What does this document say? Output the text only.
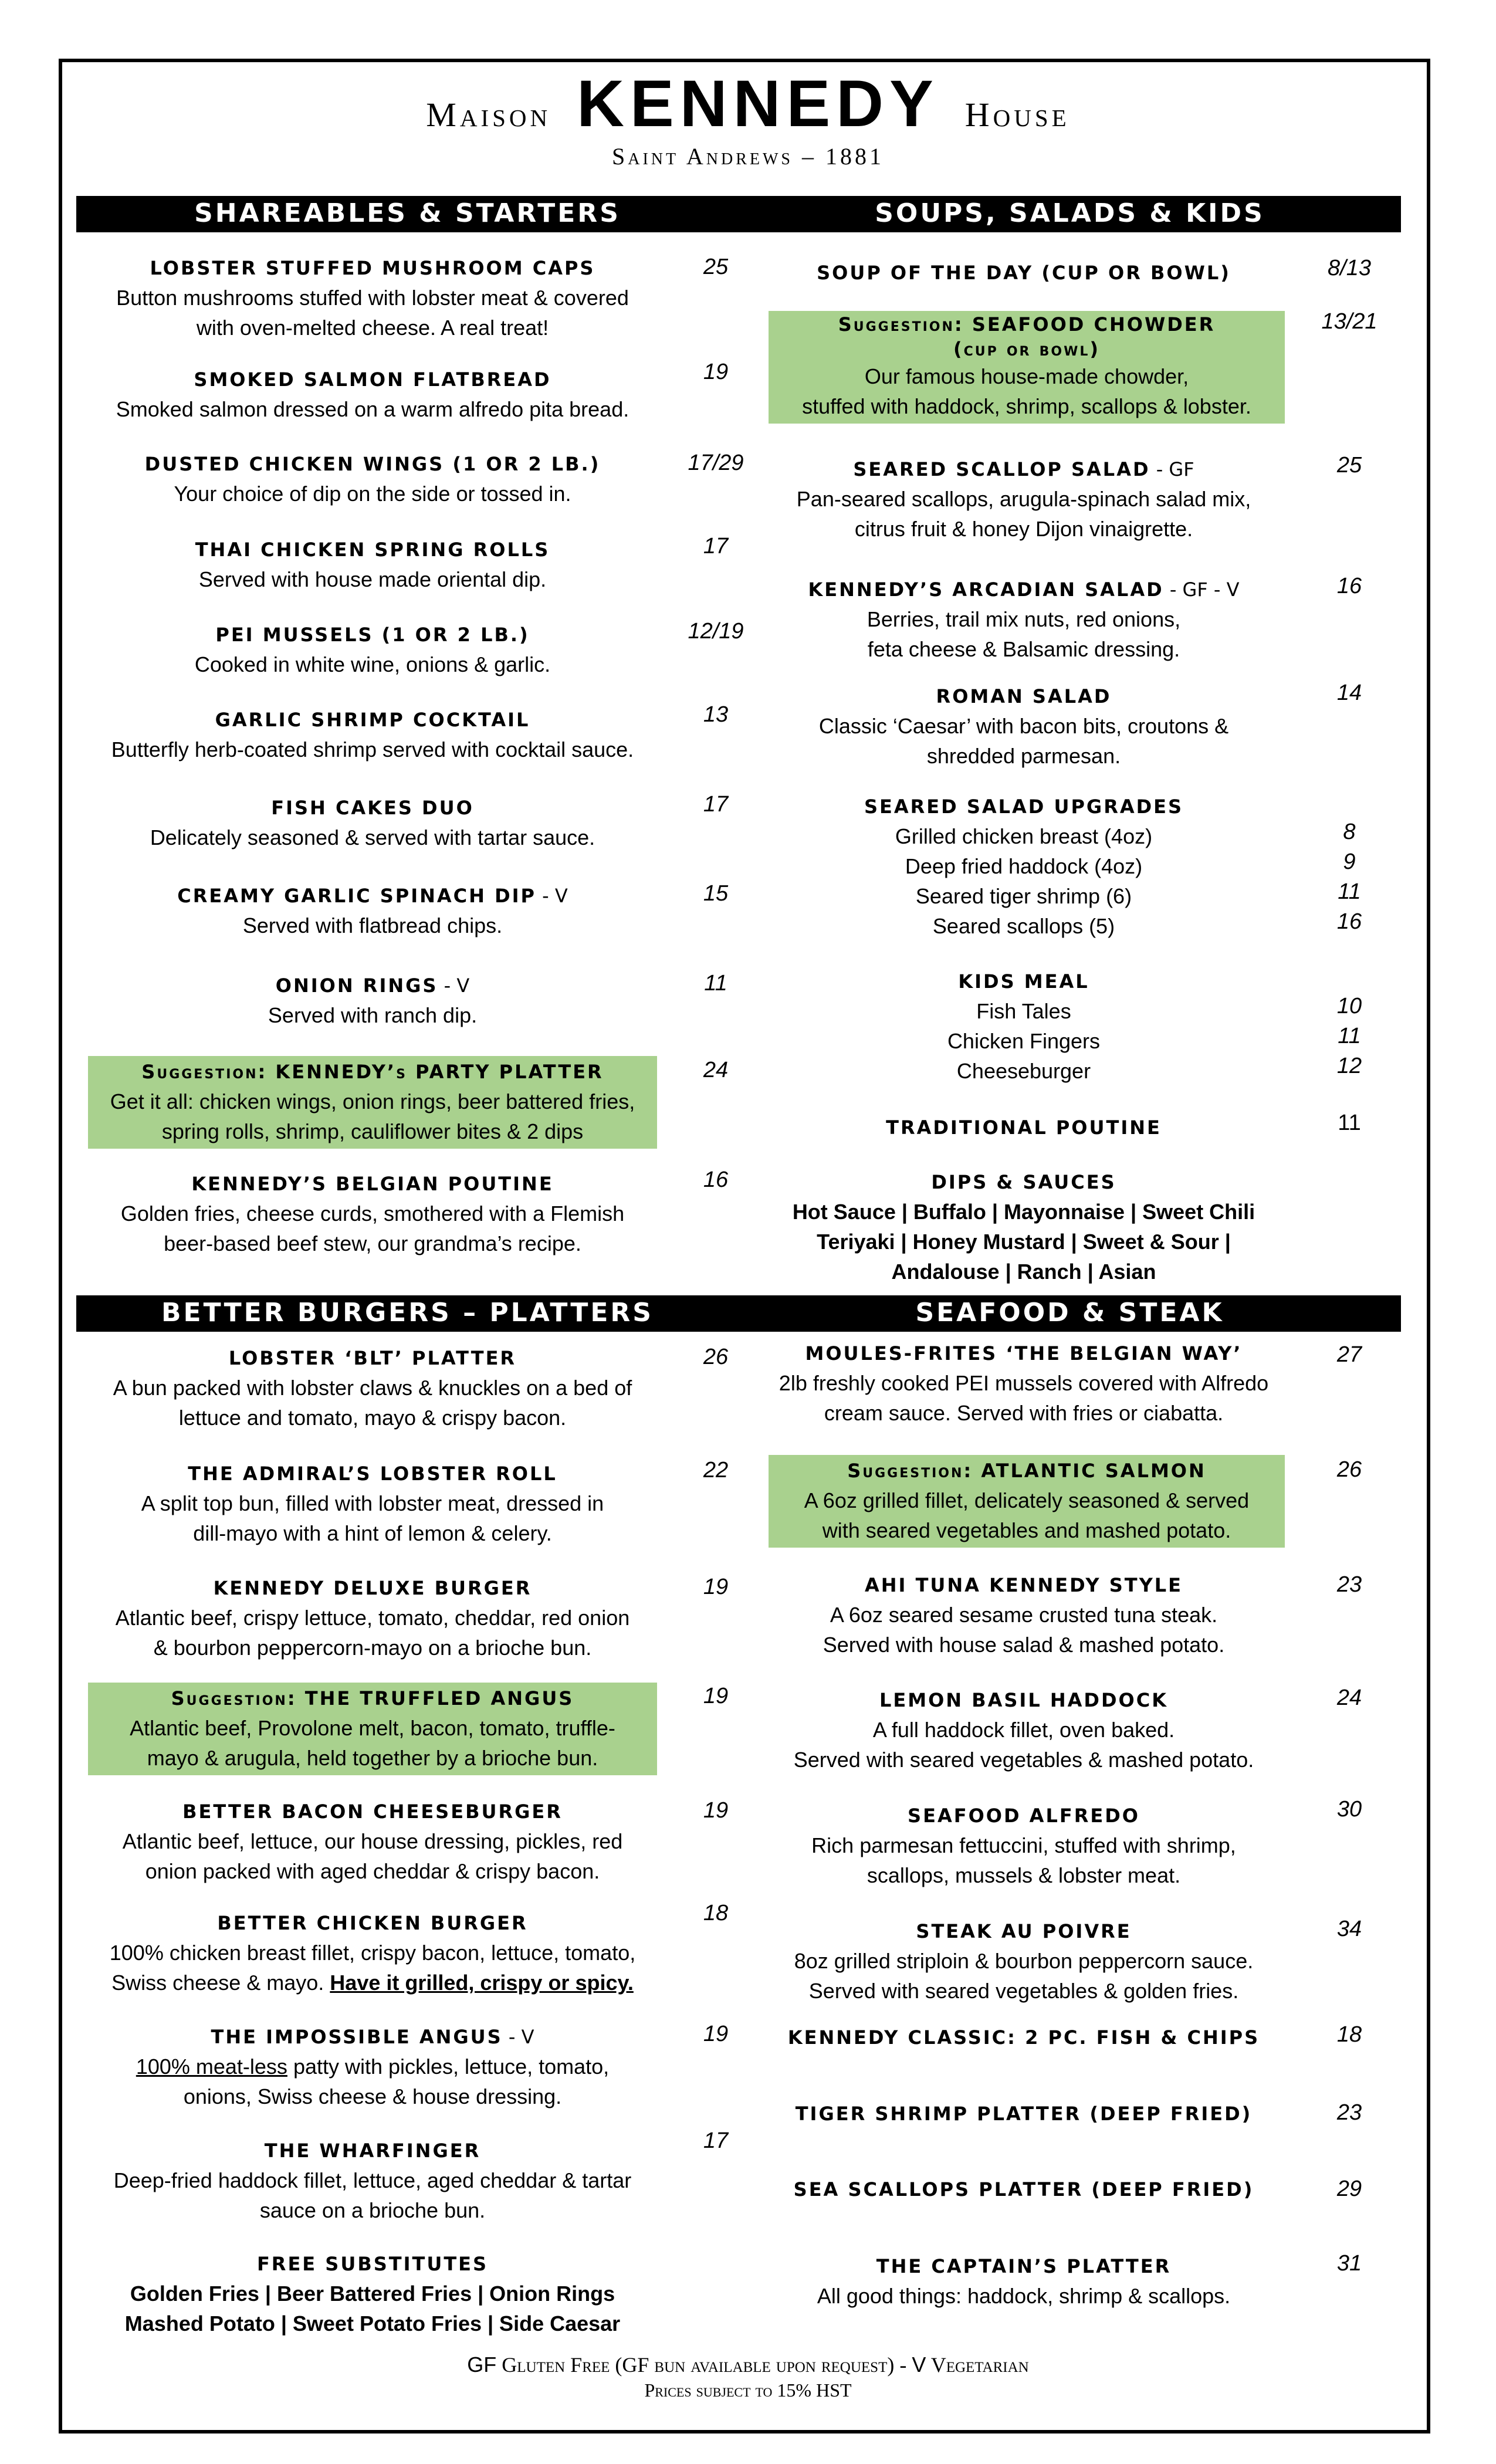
Maison KENNEDY House
Saint Andrews – 1881
SHAREABLES & STARTERS	SOUPS, SALADS & KIDS
BETTER BURGERS – PLATTERS	SEAFOOD & STEAK
LOBSTER STUFFED MUSHROOM CAPS
Button mushrooms stuffed with lobster meat & covered
with oven-melted cheese. A real treat!
SMOKED SALMON FLATBREAD
Smoked salmon dressed on a warm alfredo pita bread.
DUSTED CHICKEN WINGS (1 OR 2 LB.)
Your choice of dip on the side or tossed in.
THAI CHICKEN SPRING ROLLS
Served with house made oriental dip.
PEI MUSSELS (1 OR 2 LB.)
Cooked in white wine, onions & garlic.
GARLIC SHRIMP COCKTAIL
Butterfly herb-coated shrimp served with cocktail sauce.
FISH CAKES DUO
Delicately seasoned & served with tartar sauce.
CREAMY GARLIC SPINACH DIP - V
Served with flatbread chips.
ONION RINGS - V
Served with ranch dip.
Suggestion: KENNEDY’s PARTY PLATTER
Get it all: chicken wings, onion rings, beer battered fries,
spring rolls, shrimp, cauliflower bites & 2 dips
KENNEDY’S BELGIAN POUTINE
Golden fries, cheese curds, smothered with a Flemish
beer-based beef stew, our grandma’s recipe.
LOBSTER ‘BLT’ PLATTER
A bun packed with lobster claws & knuckles on a bed of
lettuce and tomato, mayo & crispy bacon.
THE ADMIRAL’S LOBSTER ROLL
A split top bun, filled with lobster meat, dressed in
dill-mayo with a hint of lemon & celery.
KENNEDY DELUXE BURGER
Atlantic beef, crispy lettuce, tomato, cheddar, red onion
& bourbon peppercorn-mayo on a brioche bun.
Suggestion: THE TRUFFLED ANGUS
Atlantic beef, Provolone melt, bacon, tomato, truffle-
mayo & arugula, held together by a brioche bun.
BETTER BACON CHEESEBURGER
Atlantic beef, lettuce, our house dressing, pickles, red
onion packed with aged cheddar & crispy bacon.
BETTER CHICKEN BURGER
100% chicken breast fillet, crispy bacon, lettuce, tomato,
Swiss cheese & mayo. Have it grilled, crispy or spicy.
THE IMPOSSIBLE ANGUS - V
100% meat-less patty with pickles, lettuce, tomato,
onions, Swiss cheese & house dressing.
THE WHARFINGER
Deep-fried haddock fillet, lettuce, aged cheddar & tartar
sauce on a brioche bun.
FREE SUBSTITUTES
Golden Fries | Beer Battered Fries | Onion Rings
Mashed Potato | Sweet Potato Fries | Side Caesar
25
19
17/29
17
12/19
13
17
15
11
24
16
26
22
19
19
19
18
19
17
SOUP OF THE DAY (CUP OR BOWL)
Suggestion: SEAFOOD CHOWDER
(cup or bowl)
Our famous house-made chowder,
stuffed with haddock, shrimp, scallops & lobster.
SEARED SCALLOP SALAD - GF
Pan-seared scallops, arugula-spinach salad mix,
citrus fruit & honey Dijon vinaigrette.
KENNEDY’S ARCADIAN SALAD - GF - V
Berries, trail mix nuts, red onions,
feta cheese & Balsamic dressing.
ROMAN SALAD
Classic ‘Caesar’ with bacon bits, croutons &
shredded parmesan.
SEARED SALAD UPGRADES
Grilled chicken breast (4oz)
Deep fried haddock (4oz)
Seared tiger shrimp (6)
Seared scallops (5)
KIDS MEAL
Fish Tales
Chicken Fingers
Cheeseburger
TRADITIONAL POUTINE
DIPS & SAUCES
Hot Sauce | Buffalo | Mayonnaise | Sweet Chili
Teriyaki | Honey Mustard | Sweet & Sour |
Andalouse | Ranch | Asian
MOULES-FRITES ‘THE BELGIAN WAY’
2lb freshly cooked PEI mussels covered with Alfredo
cream sauce. Served with fries or ciabatta.
Suggestion: ATLANTIC SALMON
A 6oz grilled fillet, delicately seasoned & served
with seared vegetables and mashed potato.
AHI TUNA KENNEDY STYLE
A 6oz seared sesame crusted tuna steak.
Served with house salad & mashed potato.
LEMON BASIL HADDOCK
A full haddock fillet, oven baked.
Served with seared vegetables & mashed potato.
SEAFOOD ALFREDO
Rich parmesan fettuccini, stuffed with shrimp,
scallops, mussels & lobster meat.
STEAK AU POIVRE
8oz grilled striploin & bourbon peppercorn sauce.
Served with seared vegetables & golden fries.
KENNEDY CLASSIC: 2 PC. FISH & CHIPS
TIGER SHRIMP PLATTER (DEEP FRIED)
SEA SCALLOPS PLATTER (DEEP FRIED)
THE CAPTAIN’S PLATTER
All good things: haddock, shrimp & scallops.
8/13
13/21
25
16
14
8
9
11
16
10
11
12
11
27
26
23
24
30
34
18
23
29
31
GF Gluten Free (GF bun available upon request) - V Vegetarian
Prices subject to 15% HST
